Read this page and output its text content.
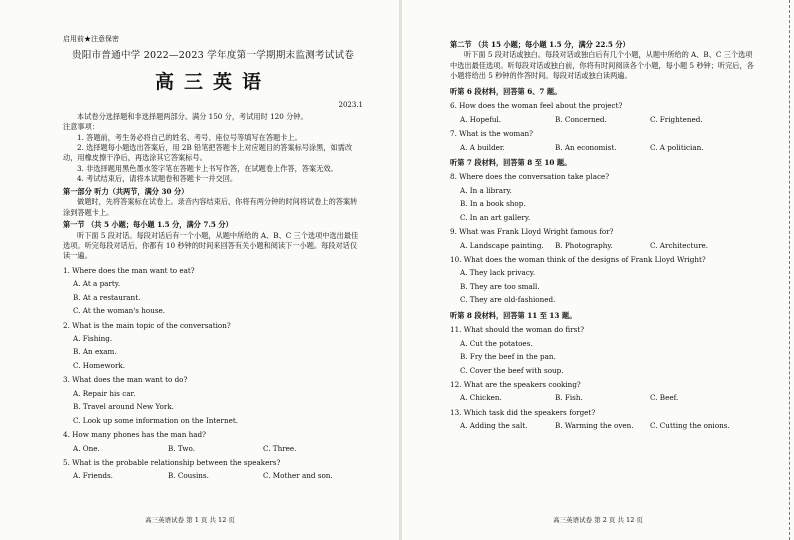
启用前★注意保密
贵阳市普通中学 2022—2023 学年度第一学期期末监测考试试卷
高三英语
2023.1

本试卷分选择题和非选择题两部分。满分 150 分，考试用时 120 分钟。

注意事项：

1. 答题前，考生务必将自己的姓名、考号、座位号等填写在答题卡上。

2. 选择题每小题选出答案后，用 2B 铅笔把答题卡上对应题目的答案标号涂黑，如需改动，用橡皮擦干净后，再选涂其它答案标号。

3. 非选择题用黑色墨水签字笔在答题卡上书写作答，在试题卷上作答，答案无效。

4. 考试结束后，请将本试题卷和答题卡一并交回。

第一部分 听力（共两节，满分 30 分）

做题时，先将答案标在试卷上。录音内容结束后，你将有两分钟的时间将试卷上的答案转涂到答题卡上。

第一节 （共 5 小题；每小题 1.5 分，满分 7.5 分）

听下面 5 段对话。每段对话后有一个小题，从题中所给的 A、B、C 三个选项中选出最佳选项。听完每段对话后，你都有 10 秒钟的时间来回答有关小题和阅读下一小题。每段对话仅读一遍。

1. Where does the man want to eat?
A. At a party.
B. At a restaurant.
C. At the woman's house.
2. What is the main topic of the conversation?
A. Fishing.
B. An exam.
C. Homework.
3. What does the man want to do?
A. Repair his car.
B. Travel around New York.
C. Look up some information on the Internet.
4. How many phones has the man had?
A. One.	B. Two.	C. Three.
5. What is the probable relationship between the speakers?
A. Friends.	B. Cousins.	C. Mother and son.
高三英语试卷 第 1 页 共 12 页
第二节 （共 15 小题；每小题 1.5 分，满分 22.5 分）

听下面 5 段对话或独白。每段对话或独白后有几个小题，从题中所给的 A、B、C 三个选项中选出最佳选项。听每段对话或独白前，你将有时间阅读各个小题，每小题 5 秒钟；听完后，各小题将给出 5 秒钟的作答时间。每段对话或独白读两遍。

听第 6 段材料，回答第 6、7 题。
6. How does the woman feel about the project?
A. Hopeful.	B. Concerned.	C. Frightened.
7. What is the woman?
A. A builder.	B. An economist.	C. A politician.
听第 7 段材料，回答第 8 至 10 题。
8. Where does the conversation take place?
A. In a library.
B. In a book shop.
C. In an art gallery.
9. What was Frank Lloyd Wright famous for?
A. Landscape painting.	B. Photography.	C. Architecture.
10. What does the woman think of the designs of Frank Lloyd Wright?
A. They lack privacy.
B. They are too small.
C. They are old-fashioned.
听第 8 段材料，回答第 11 至 13 题。
11. What should the woman do first?
A. Cut the potatoes.
B. Fry the beef in the pan.
C. Cover the beef with soup.
12. What are the speakers cooking?
A. Chicken.	B. Fish.	C. Beef.
13. Which task did the speakers forget?
A. Adding the salt.	B. Warming the oven.	C. Cutting the onions.
高三英语试卷 第 2 页 共 12 页
